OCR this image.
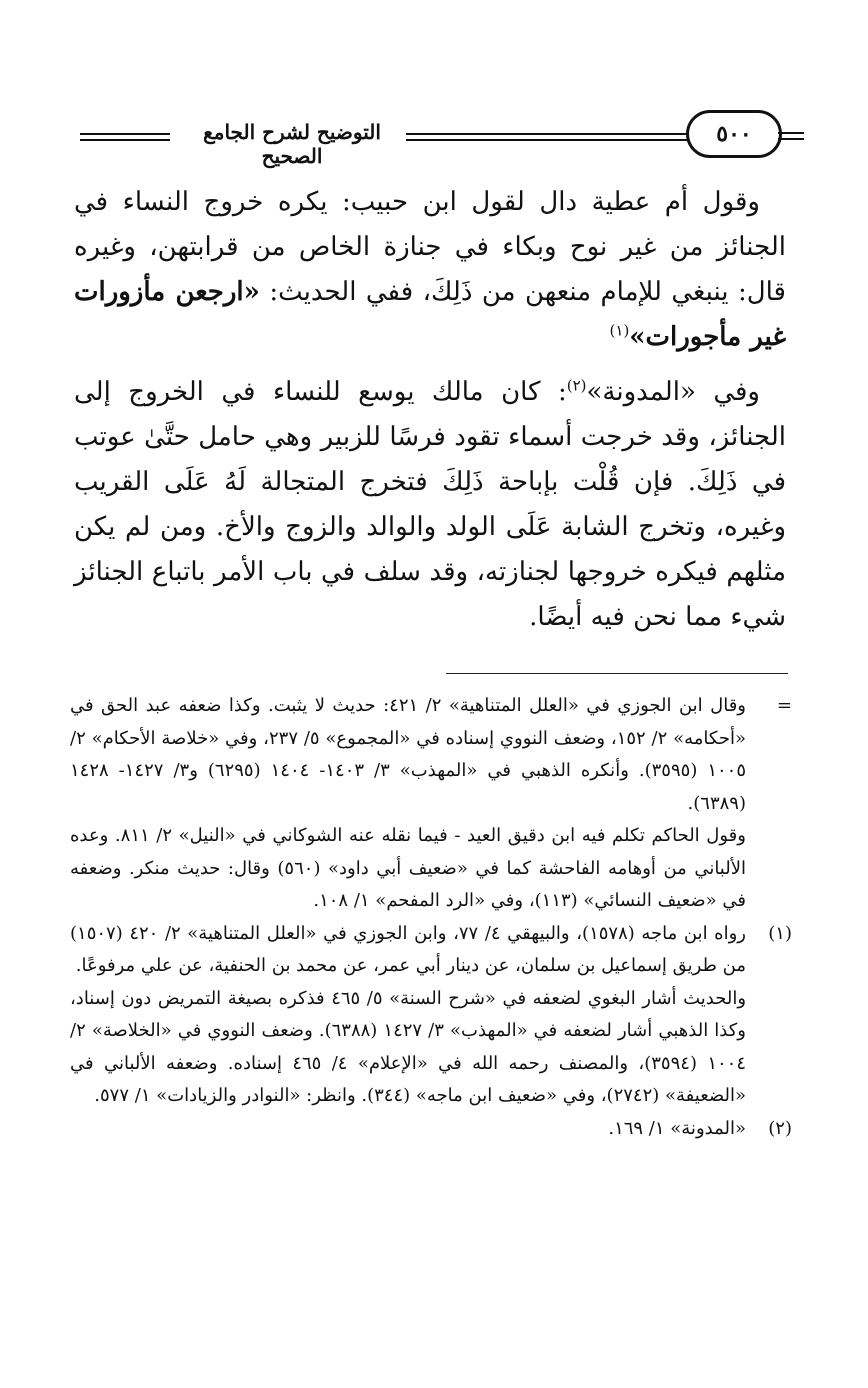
التوضيح لشرح الجامع الصحيح
٥٠٠

وقول أم عطية دال لقول ابن حبيب: يكره خروج النساء في الجنائز من غير نوح وبكاء في جنازة الخاص من قرابتهن، وغيره قال: ينبغي للإمام منعهن من ذَلِكَ، ففي الحديث: «ارجعن مأزورات غير مأجورات»$^{(١)}$

وفي «المدونة»$^{(٢)}$: كان مالك يوسع للنساء في الخروج إلى الجنائز، وقد خرجت أسماء تقود فرسًا للزبير وهي حامل حتَّىٰ عوتب في ذَلِكَ. فإن قُلْت بإباحة ذَلِكَ فتخرج المتجالة لَهُ عَلَى القريب وغيره، وتخرج الشابة عَلَى الولد والوالد والزوج والأخ. ومن لم يكن مثلهم فيكره خروجها لجنازته، وقد سلف في باب الأمر باتباع الجنائز شيء مما نحن فيه أيضًا.

=

وقال ابن الجوزي في «العلل المتناهية» ٢/ ٤٢١: حديث لا يثبت. وكذا ضعفه عبد الحق في «أحكامه» ٢/ ١٥٢، وضعف النووي إسناده في «المجموع» ٥/ ٢٣٧، وفي «خلاصة الأحكام» ٢/ ١٠٠٥ (٣٥٩٥). وأنكره الذهبي في «المهذب» ٣/ ١٤٠٣- ١٤٠٤ (٦٢٩٥) و٣/ ١٤٢٧- ١٤٢٨ (٦٣٨٩).

وقول الحاكم تكلم فيه ابن دقيق العيد - فيما نقله عنه الشوكاني في «النيل» ٢/ ٨١١. وعده الألباني من أوهامه الفاحشة كما في «ضعيف أبي داود» (٥٦٠) وقال: حديث منكر. وضعفه في «ضعيف النسائي» (١١٣)، وفي «الرد المفحم» ١/ ١٠٨.

(١)

رواه ابن ماجه (١٥٧٨)، والبيهقي ٤/ ٧٧، وابن الجوزي في «العلل المتناهية» ٢/ ٤٢٠ (١٥٠٧) من طريق إسماعيل بن سلمان، عن دينار أبي عمر، عن محمد بن الحنفية، عن علي مرفوعًا.

والحديث أشار البغوي لضعفه في «شرح السنة» ٥/ ٤٦٥ فذكره بصيغة التمريض دون إسناد، وكذا الذهبي أشار لضعفه في «المهذب» ٣/ ١٤٢٧ (٦٣٨٨). وضعف النووي في «الخلاصة» ٢/ ١٠٠٤ (٣٥٩٤)، والمصنف رحمه الله في «الإعلام» ٤/ ٤٦٥ إسناده. وضعفه الألباني في «الضعيفة» (٢٧٤٢)، وفي «ضعيف ابن ماجه» (٣٤٤). وانظر: «النوادر والزيادات» ١/ ٥٧٧.

(٢)

«المدونة» ١/ ١٦٩.
